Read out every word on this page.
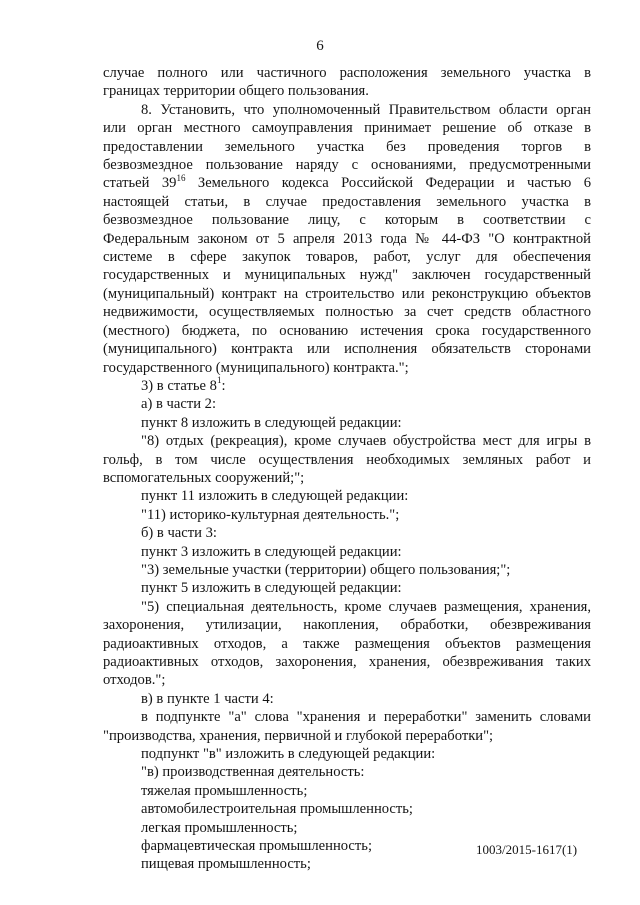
6

случае полного или частичного расположения земельного участка в

границах территории общего пользования.

8. Установить, что уполномоченный Правительством области орган

или орган местного самоуправления принимает решение об отказе в

предоставлении земельного участка без проведения торгов в

безвозмездное пользование наряду с основаниями, предусмотренными

статьей $39^{16}$ Земельного кодекса Российской Федерации и частью 6

настоящей статьи, в случае предоставления земельного участка в

безвозмездное пользование лицу, с которым в соответствии с

Федеральным законом от 5 апреля 2013 года № 44-ФЗ "О контрактной

системе в сфере закупок товаров, работ, услуг для обеспечения

государственных и муниципальных нужд" заключен государственный

(муниципальный) контракт на строительство или реконструкцию объектов

недвижимости, осуществляемых полностью за счет средств областного

(местного) бюджета, по основанию истечения срока государственного

(муниципального) контракта или исполнения обязательств сторонами

государственного (муниципального) контракта.";

3) в статье $8^1$:

а) в части 2:

пункт 8 изложить в следующей редакции:

"8) отдых (рекреация), кроме случаев обустройства мест для игры в

гольф, в том числе осуществления необходимых земляных работ и

вспомогательных сооружений;";

пункт 11 изложить в следующей редакции:

"11) историко-культурная деятельность.";

б) в части 3:

пункт 3 изложить в следующей редакции:

"3) земельные участки (территории) общего пользования;";

пункт 5 изложить в следующей редакции:

"5) специальная деятельность, кроме случаев размещения, хранения,

захоронения, утилизации, накопления, обработки, обезвреживания

радиоактивных отходов, а также размещения объектов размещения

радиоактивных отходов, захоронения, хранения, обезвреживания таких

отходов.";

в) в пункте 1 части 4:

в подпункте "а" слова "хранения и переработки" заменить словами

"производства, хранения, первичной и глубокой переработки";

подпункт "в" изложить в следующей редакции:

"в) производственная деятельность:

тяжелая промышленность;

автомобилестроительная промышленность;

легкая промышленность;

фармацевтическая промышленность;

пищевая промышленность;

1003/2015-1617(1)
